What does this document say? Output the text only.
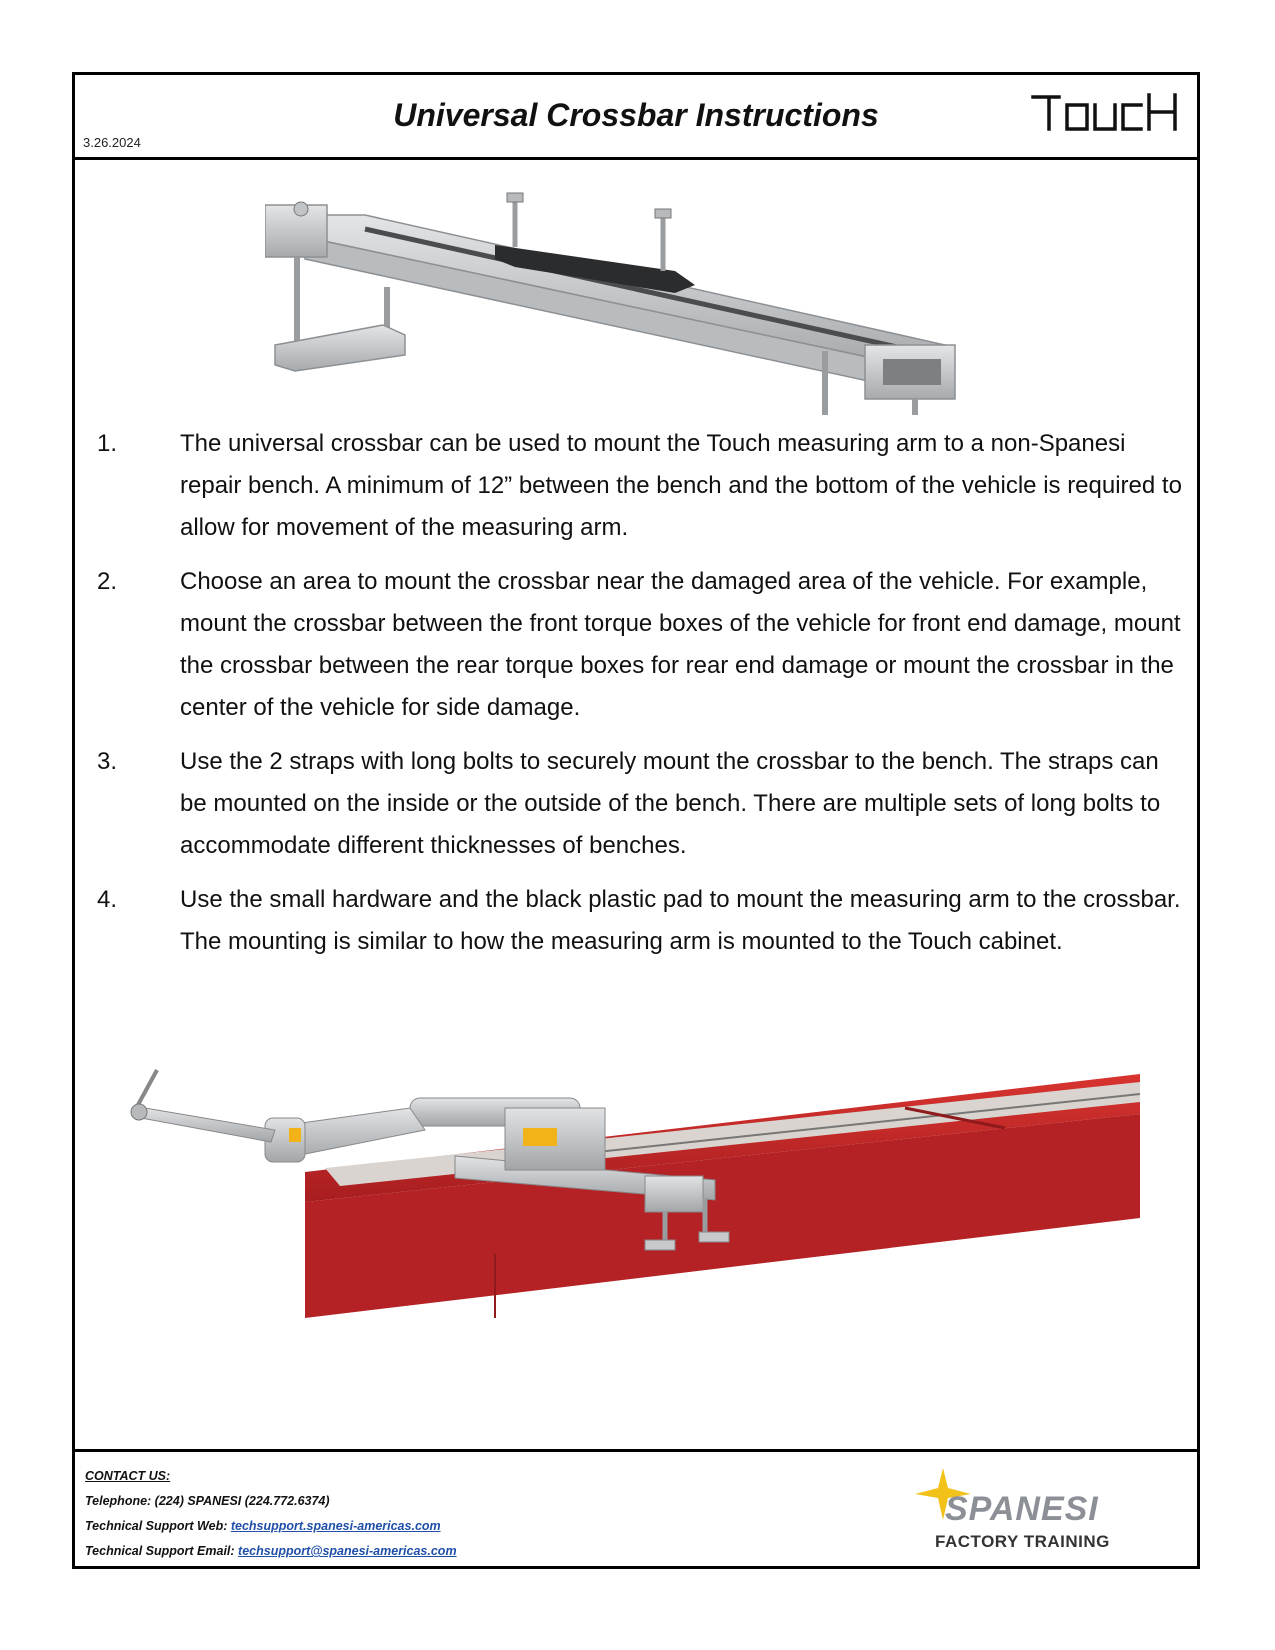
3.26.2024
Universal Crossbar Instructions
1.	The universal crossbar can be used to mount the Touch measuring arm to a non-Spanesi repair bench. A minimum of 12” between the bench and the bottom of the vehicle is required to allow for movement of the measuring arm.
2.	Choose an area to mount the crossbar near the damaged area of the vehicle. For example, mount the crossbar between the front torque boxes of the vehicle for front end damage, mount the crossbar between the rear torque boxes for rear end damage or mount the crossbar in the center of the vehicle for side damage.
3.	Use the 2 straps with long bolts to securely mount the crossbar to the bench. The straps can be mounted on the inside or the outside of the bench. There are multiple sets of long bolts to accommodate different thicknesses of benches.
4.	Use the small hardware and the black plastic pad to mount the measuring arm to the crossbar. The mounting is similar to how the measuring arm is mounted to the Touch cabinet.
CONTACT US:
Telephone: (224) SPANESI (224.772.6374)
Technical Support Web: techsupport.spanesi-americas.com
Technical Support Email: techsupport@spanesi-americas.com
SPANESI
FACTORY TRAINING
